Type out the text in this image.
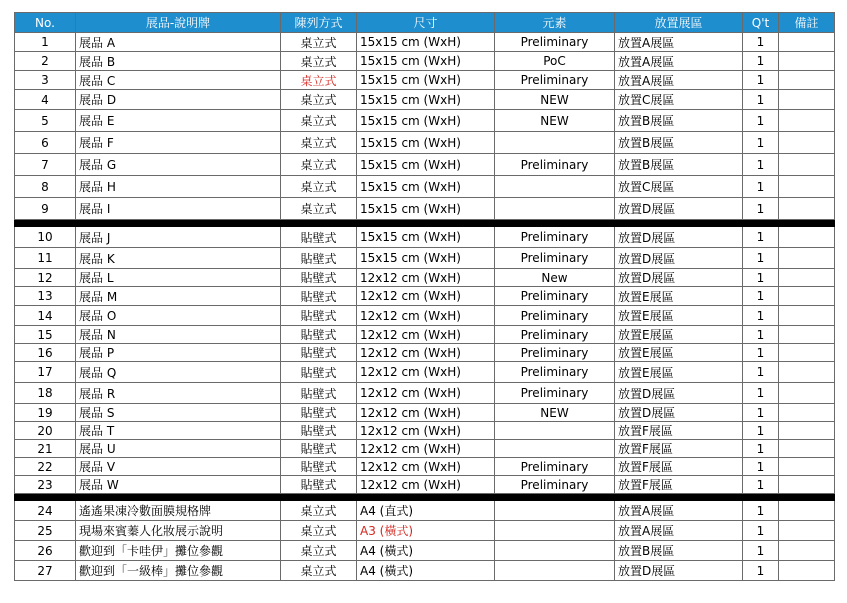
No.	展品-說明牌	陳列方式	尺寸	元素	放置展區	Q't	備註
1	展品 A	桌立式	15x15 cm (WxH)	Preliminary	放置A展區	1	
2	展品 B	桌立式	15x15 cm (WxH)	PoC	放置A展區	1	
3	展品 C	桌立式	15x15 cm (WxH)	Preliminary	放置A展區	1	
4	展品 D	桌立式	15x15 cm (WxH)	NEW	放置C展區	1	
5	展品 E	桌立式	15x15 cm (WxH)	NEW	放置B展區	1	
6	展品 F	桌立式	15x15 cm (WxH)		放置B展區	1	
7	展品 G	桌立式	15x15 cm (WxH)	Preliminary	放置B展區	1	
8	展品 H	桌立式	15x15 cm (WxH)		放置C展區	1	
9	展品 I	桌立式	15x15 cm (WxH)		放置D展區	1	

10	展品 J	貼壁式	15x15 cm (WxH)	Preliminary	放置D展區	1	
11	展品 K	貼壁式	15x15 cm (WxH)	Preliminary	放置D展區	1	
12	展品 L	貼壁式	12x12 cm (WxH)	New	放置D展區	1	
13	展品 M	貼壁式	12x12 cm (WxH)	Preliminary	放置E展區	1	
14	展品 O	貼壁式	12x12 cm (WxH)	Preliminary	放置E展區	1	
15	展品 N	貼壁式	12x12 cm (WxH)	Preliminary	放置E展區	1	
16	展品 P	貼壁式	12x12 cm (WxH)	Preliminary	放置E展區	1	
17	展品 Q	貼壁式	12x12 cm (WxH)	Preliminary	放置E展區	1	
18	展品 R	貼壁式	12x12 cm (WxH)	Preliminary	放置D展區	1	
19	展品 S	貼壁式	12x12 cm (WxH)	NEW	放置D展區	1	
20	展品 T	貼壁式	12x12 cm (WxH)		放置F展區	1	
21	展品 U	貼壁式	12x12 cm (WxH)		放置F展區	1	
22	展品 V	貼壁式	12x12 cm (WxH)	Preliminary	放置F展區	1	
23	展品 W	貼壁式	12x12 cm (WxH)	Preliminary	放置F展區	1	

24	遙遙果凍冷數面膜規格牌	桌立式	A4 (直式)		放置A展區	1	
25	現場來賓蓁人化妝展示說明	桌立式	A3 (橫式)		放置A展區	1	
26	歡迎到「卡哇伊」攤位參觀	桌立式	A4 (橫式)		放置B展區	1	
27	歡迎到「一級棒」攤位參觀	桌立式	A4 (橫式)		放置D展區	1	
